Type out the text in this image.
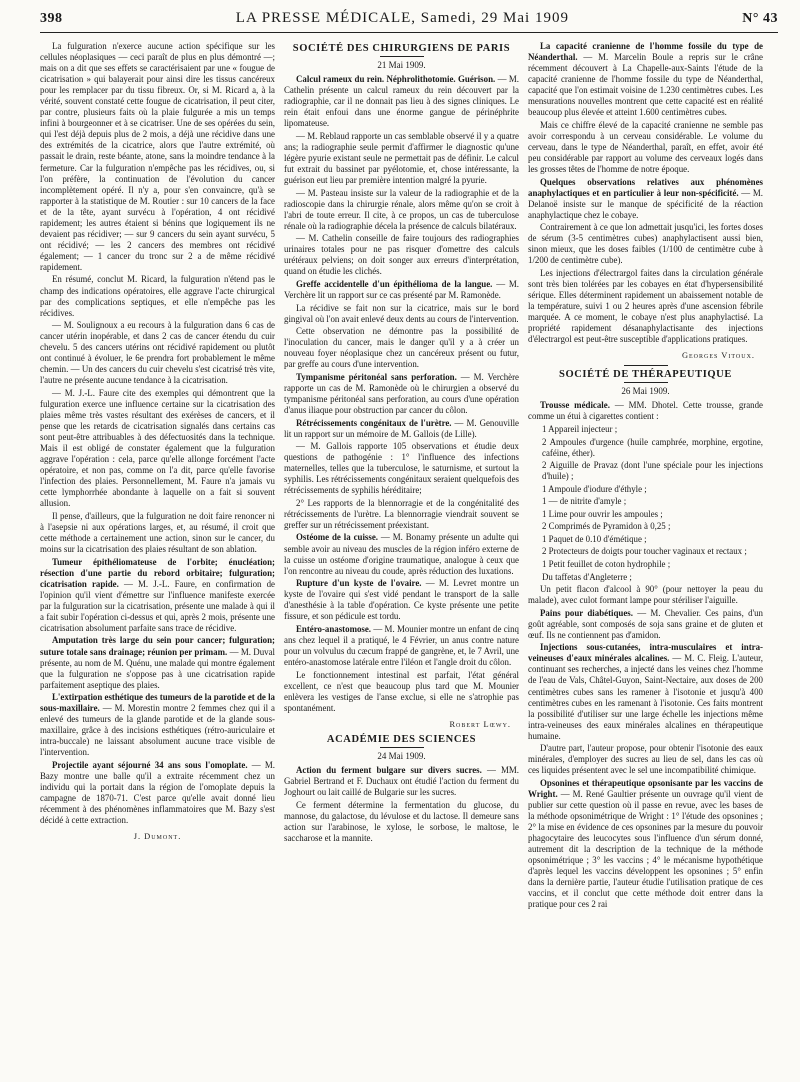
398	LA PRESSE MÉDICALE, Samedi, 29 Mai 1909	N° 43

La fulguration n'exerce aucune action spécifique sur les cellules néoplasiques — ceci paraît de plus en plus démontré —; mais on a dit que ses effets se caractérisaient par une « fougue de cicatrisation » qui balayerait pour ainsi dire les tissus cancéreux pour les remplacer par du tissu fibreux. Or, si M. Ricard a, à la vérité, souvent constaté cette fougue de cicatrisation, il peut citer, par contre, plusieurs faits où la plaie fulgurée a mis un temps infini à bourgeonner et à se cicatriser. Une de ses opérées du sein, qui l'est déjà depuis plus de 2 mois, a déjà une récidive dans une des extrémités de la cicatrice, alors que l'autre extrémité, où passait le drain, reste béante, atone, sans la moindre tendance à la fermeture. Car la fulguration n'empêche pas les récidives, ou, si l'on préfère, la continuation de l'évolution du cancer incomplètement opéré. Il n'y a, pour s'en convaincre, qu'à se rapporter à la statistique de M. Routier : sur 10 cancers de la face et de la tête, ayant survécu à l'opération, 4 ont récidivé rapidement; les autres étaient si bénins que logiquement ils ne devaient pas récidiver; — sur 9 cancers du sein ayant survécu, 5 ont récidivé; — les 2 cancers des membres ont récidivé également; — 1 cancer du tronc sur 2 a de même récidivé rapidement.

En résumé, conclut M. Ricard, la fulguration n'étend pas le champ des indications opératoires, elle aggrave l'acte chirurgical par des complications septiques, et elle n'empêche pas les récidives.

— M. Soulignoux a eu recours à la fulguration dans 6 cas de cancer utérin inopérable, et dans 2 cas de cancer étendu du cuir chevelu. 5 des cancers utérins ont récidivé rapidement ou plutôt ont continué à évoluer, le 6e prendra fort probablement le même chemin. — Un des cancers du cuir chevelu s'est cicatrisé très vite, l'autre ne présente aucune tendance à la cicatrisation.

— M. J.-L. Faure cite des exemples qui démontrent que la fulguration exerce une influence certaine sur la cicatrisation des plaies même très vastes résultant des exérèses de cancers, et il pense que les retards de cicatrisation signalés dans certains cas sont peut-être attribuables à des défectuosités dans la technique. Mais il est obligé de constater également que la fulguration aggrave l'opération : cela, parce qu'elle allonge forcément l'acte opératoire, et non pas, comme on l'a dit, parce qu'elle favorise l'infection des plaies. Personnellement, M. Faure n'a jamais vu cette lymphorrhée abondante à laquelle on a fait si souvent allusion.

Il pense, d'ailleurs, que la fulguration ne doit faire renoncer ni à l'asepsie ni aux opérations larges, et, au résumé, il croit que cette méthode a certainement une action, sinon sur le cancer, du moins sur la cicatrisation des plaies résultant de son ablation.

Tumeur épithéliomateuse de l'orbite; énucléation; résection d'une partie du rebord orbitaire; fulguration; cicatrisation rapide. — M. J.-L. Faure, en confirmation de l'opinion qu'il vient d'émettre sur l'influence manifeste exercée par la fulguration sur la cicatrisation, présente une malade à qui il a fait subir l'opération ci-dessus et qui, après 2 mois, présente une cicatrisation absolument parfaite sans trace de récidive.

Amputation très large du sein pour cancer; fulguration; suture totale sans drainage; réunion per primam. — M. Duval présente, au nom de M. Quénu, une malade qui montre également que la fulguration ne s'oppose pas à une cicatrisation rapide parfaitement aseptique des plaies.

L'extirpation esthétique des tumeurs de la parotide et de la sous-maxillaire. — M. Morestin montre 2 femmes chez qui il a enlevé des tumeurs de la glande parotide et de la glande sous-maxillaire, grâce à des incisions esthétiques (rétro-auriculaire et intra-buccale) ne laissant absolument aucune trace visible de l'intervention.

Projectile ayant séjourné 34 ans sous l'omoplate. — M. Bazy montre une balle qu'il a extraite récemment chez un individu qui la portait dans la région de l'omoplate depuis la campagne de 1870-71. C'est parce qu'elle avait donné lieu récemment à des phénomènes inflammatoires que M. Bazy s'est décidé à cette extraction.

J. Dumont.
SOCIÉTÉ DES CHIRURGIENS DE PARIS
21 Mai 1909.

Calcul rameux du rein. Néphrolithotomie. Guérison. — M. Cathelin présente un calcul rameux du rein découvert par la radiographie, car il ne donnait pas lieu à des signes cliniques. Le rein était enfoui dans une énorme gangue de périnéphrite lipomateuse.

— M. Reblaud rapporte un cas semblable observé il y a quatre ans; la radiographie seule permit d'affirmer le diagnostic qu'une légère pyurie existant seule ne permettait pas de définir. Le calcul fut extrait du bassinet par pyélotomie, et, chose intéressante, la guérison eut lieu par première intention malgré la pyurie.

— M. Pasteau insiste sur la valeur de la radiographie et de la radioscopie dans la chirurgie rénale, alors même qu'on se croit à l'abri de toute erreur. Il cite, à ce propos, un cas de tuberculose rénale où la radiographie décela la présence de calculs bilatéraux.

— M. Cathelin conseille de faire toujours des radiographies urinaires totales pour ne pas risquer d'omettre des calculs urétéraux pelviens; on doit songer aux erreurs d'interprétation, quand on étudie les clichés.

Greffe accidentelle d'un épithélioma de la langue. — M. Verchère lit un rapport sur ce cas présenté par M. Ramonède.

La récidive se fait non sur la cicatrice, mais sur le bord gingival où l'on avait enlevé deux dents au cours de l'intervention.

Cette observation ne démontre pas la possibilité de l'inoculation du cancer, mais le danger qu'il y a à créer un nouveau foyer néoplasique chez un cancéreux présent ou futur, par greffe au cours d'une intervention.

Tympanisme péritonéal sans perforation. — M. Verchère rapporte un cas de M. Ramonède où le chirurgien a observé du tympanisme péritonéal sans perforation, au cours d'une opération d'anus iliaque pour obstruction par cancer du côlon.

Rétrécissements congénitaux de l'urètre. — M. Genouville lit un rapport sur un mémoire de M. Gallois (de Lille).

— M. Gallois rapporte 105 observations et étudie deux questions de pathogénie : 1° l'influence des infections maternelles, telles que la tuberculose, le saturnisme, et surtout la syphilis. Les rétrécissements congénitaux seraient quelquefois des rétrécissements de syphilis héréditaire;

2° Les rapports de la blennorragie et de la congénitalité des rétrécissements de l'urètre. La blennorragie viendrait souvent se greffer sur un rétrécissement préexistant.

Ostéome de la cuisse. — M. Bonamy présente un adulte qui semble avoir au niveau des muscles de la région inféro externe de la cuisse un ostéome d'origine traumatique, analogue à ceux que l'on rencontre au niveau du coude, après réduction des luxations.

Rupture d'un kyste de l'ovaire. — M. Levret montre un kyste de l'ovaire qui s'est vidé pendant le transport de la salle d'anesthésie à la table d'opération. Ce kyste présente une petite fissure, et son pédicule est tordu.

Entéro-anastomose. — M. Mounier montre un enfant de cinq ans chez lequel il a pratiqué, le 4 Février, un anus contre nature pour un volvulus du cæcum frappé de gangrène, et, le 7 Avril, une entéro-anastomose latérale entre l'iléon et l'angle droit du côlon.

Le fonctionnement intestinal est parfait, l'état général excellent, ce n'est que beaucoup plus tard que M. Mounier enlèvera les vestiges de l'anse exclue, si elle ne s'atrophie pas spontanément.

Robert Lœwy.
ACADÉMIE DES SCIENCES
24 Mai 1909.

Action du ferment bulgare sur divers sucres. — MM. Gabriel Bertrand et F. Duchaux ont étudié l'action du ferment du Joghourt ou lait caillé de Bulgarie sur les sucres.

Ce ferment détermine la fermentation du glucose, du mannose, du galactose, du lévulose et du lactose. Il demeure sans action sur l'arabinose, le xylose, le sorbose, le maltose, le saccharose et la mannite.

La capacité cranienne de l'homme fossile du type de Néanderthal. — M. Marcelin Boule a repris sur le crâne récemment découvert à La Chapelle-aux-Saints l'étude de la capacité cranienne de l'homme fossile du type de Néanderthal, capacité que l'on estimait voisine de 1.230 centimètres cubes. Les mensurations nouvelles montrent que cette capacité est en réalité beaucoup plus élevée et atteint 1.600 centimètres cubes.

Mais ce chiffre élevé de la capacité cranienne ne semble pas avoir correspondu à un cerveau considérable. Le volume du cerveau, dans le type de Néanderthal, paraît, en effet, avoir été peu considérable par rapport au volume des cerveaux logés dans les grosses têtes de l'homme de notre époque.

Quelques observations relatives aux phénomènes anaphylactiques et en particulier à leur non-spécificité. — M. Delanoë insiste sur le manque de spécificité de la réaction anaphylactique chez le cobaye.

Contrairement à ce que lon admettait jusqu'ici, les fortes doses de sérum (3-5 centimètres cubes) anaphylactisent aussi bien, sinon mieux, que les doses faibles (1/100 de centimètre cube à 1/200 de centimètre cube).

Les injections d'électrargol faites dans la circulation générale sont très bien tolérées par les cobayes en état d'hypersensibilité sérique. Elles déterminent rapidement un abaissement notable de la température, suivi 1 ou 2 heures après d'une ascension fébrile marquée. A ce moment, le cobaye n'est plus anaphylactisé. La propriété rapidement désanaphylactisante des injections d'électrargol est peut-être susceptible d'applications pratiques.

Georges Vitoux.
SOCIÉTÉ DE THÉRAPEUTIQUE
26 Mai 1909.

Trousse médicale. — MM. Dhotel. Cette trousse, grande comme un étui à cigarettes contient :

1 Appareil injecteur ;

2 Ampoules d'urgence (huile camphrée, morphine, ergotine, caféine, éther).

2 Aiguille de Pravaz (dont l'une spéciale pour les injections d'huile) ;

1 Ampoule d'iodure d'éthyle ;

1 — de nitrite d'amyle ;

1 Lime pour ouvrir les ampoules ;

2 Comprimés de Pyramidon à 0,25 ;

1 Paquet de 0.10 d'émétique ;

2 Protecteurs de doigts pour toucher vaginaux et rectaux ;

1 Petit feuillet de coton hydrophile ;

Du taffetas d'Angleterre ;

Un petit flacon d'alcool à 90° (pour nettoyer la peau du malade), avec culot formant lampe pour stériliser l'aiguille.

Pains pour diabétiques. — M. Chevalier. Ces pains, d'un goût agréable, sont composés de soja sans graine et de gluten et œuf. Ils ne contiennent pas d'amidon.

Injections sous-cutanées, intra-musculaires et intra-veineuses d'eaux minérales alcalines. — M. C. Fleig. L'auteur, continuant ses recherches, a injecté dans les veines chez l'homme de l'eau de Vals, Châtel-Guyon, Saint-Nectaire, aux doses de 200 centimètres cubes sans les ramener à l'isotonie et jusqu'à 400 centimètres cubes en les ramenant à l'isotonie. Ces faits montrent la possibilité d'utiliser sur une large échelle les injections même intra-veineuses des eaux minérales alcalines en thérapeutique humaine.

D'autre part, l'auteur propose, pour obtenir l'isotonie des eaux minérales, d'employer des sucres au lieu de sel, dans les cas où ces liquides présentent avec le sel une incompatibilité chimique.

Opsonines et thérapeutique opsonisante par les vaccins de Wright. — M. René Gaultier présente un ouvrage qu'il vient de publier sur cette question où il passe en revue, avec les bases de la méthode opsonimétrique de Wright : 1° l'étude des opsonines ; 2° la mise en évidence de ces opsonines par la mesure du pouvoir phagocytaire des leucocytes sous l'influence d'un sérum donné, autrement dit la description de la technique de la méthode opsonimétrique ; 3° les vaccins ; 4° le mécanisme hypothétique d'après lequel les vaccins développent les opsonines ; 5° enfin dans la dernière partie, l'auteur étudie l'utilisation pratique de ces vaccins, et il conclut que cette méthode doit entrer dans la pratique pour ces 2 rai
